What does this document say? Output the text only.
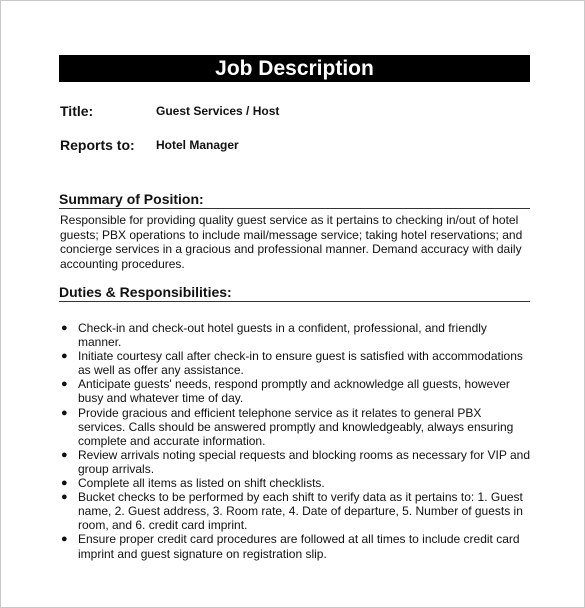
Job Description
Title:	Guest Services / Host
Reports to: Hotel Manager
Summary of Position:

Responsible for providing quality guest service as it pertains to checking in/out of hotel guests; PBX operations to include mail/message service; taking hotel reservations; and concierge services in a gracious and professional manner. Demand accuracy with daily accounting procedures.

Duties & Responsibilities:
● Check-in and check-out hotel guests in a confident, professional, and friendly manner.
● Initiate courtesy call after check-in to ensure guest is satisfied with accommodations as well as offer any assistance.
● Anticipate guests' needs, respond promptly and acknowledge all guests, however busy and whatever time of day.
● Provide gracious and efficient telephone service as it relates to general PBX services. Calls should be answered promptly and knowledgeably, always ensuring complete and accurate information.
● Review arrivals noting special requests and blocking rooms as necessary for VIP and group arrivals.
● Complete all items as listed on shift checklists.
● Bucket checks to be performed by each shift to verify data as it pertains to: 1. Guest name, 2. Guest address, 3. Room rate, 4. Date of departure, 5. Number of guests in room, and 6. credit card imprint.
● Ensure proper credit card procedures are followed at all times to include credit card imprint and guest signature on registration slip.
